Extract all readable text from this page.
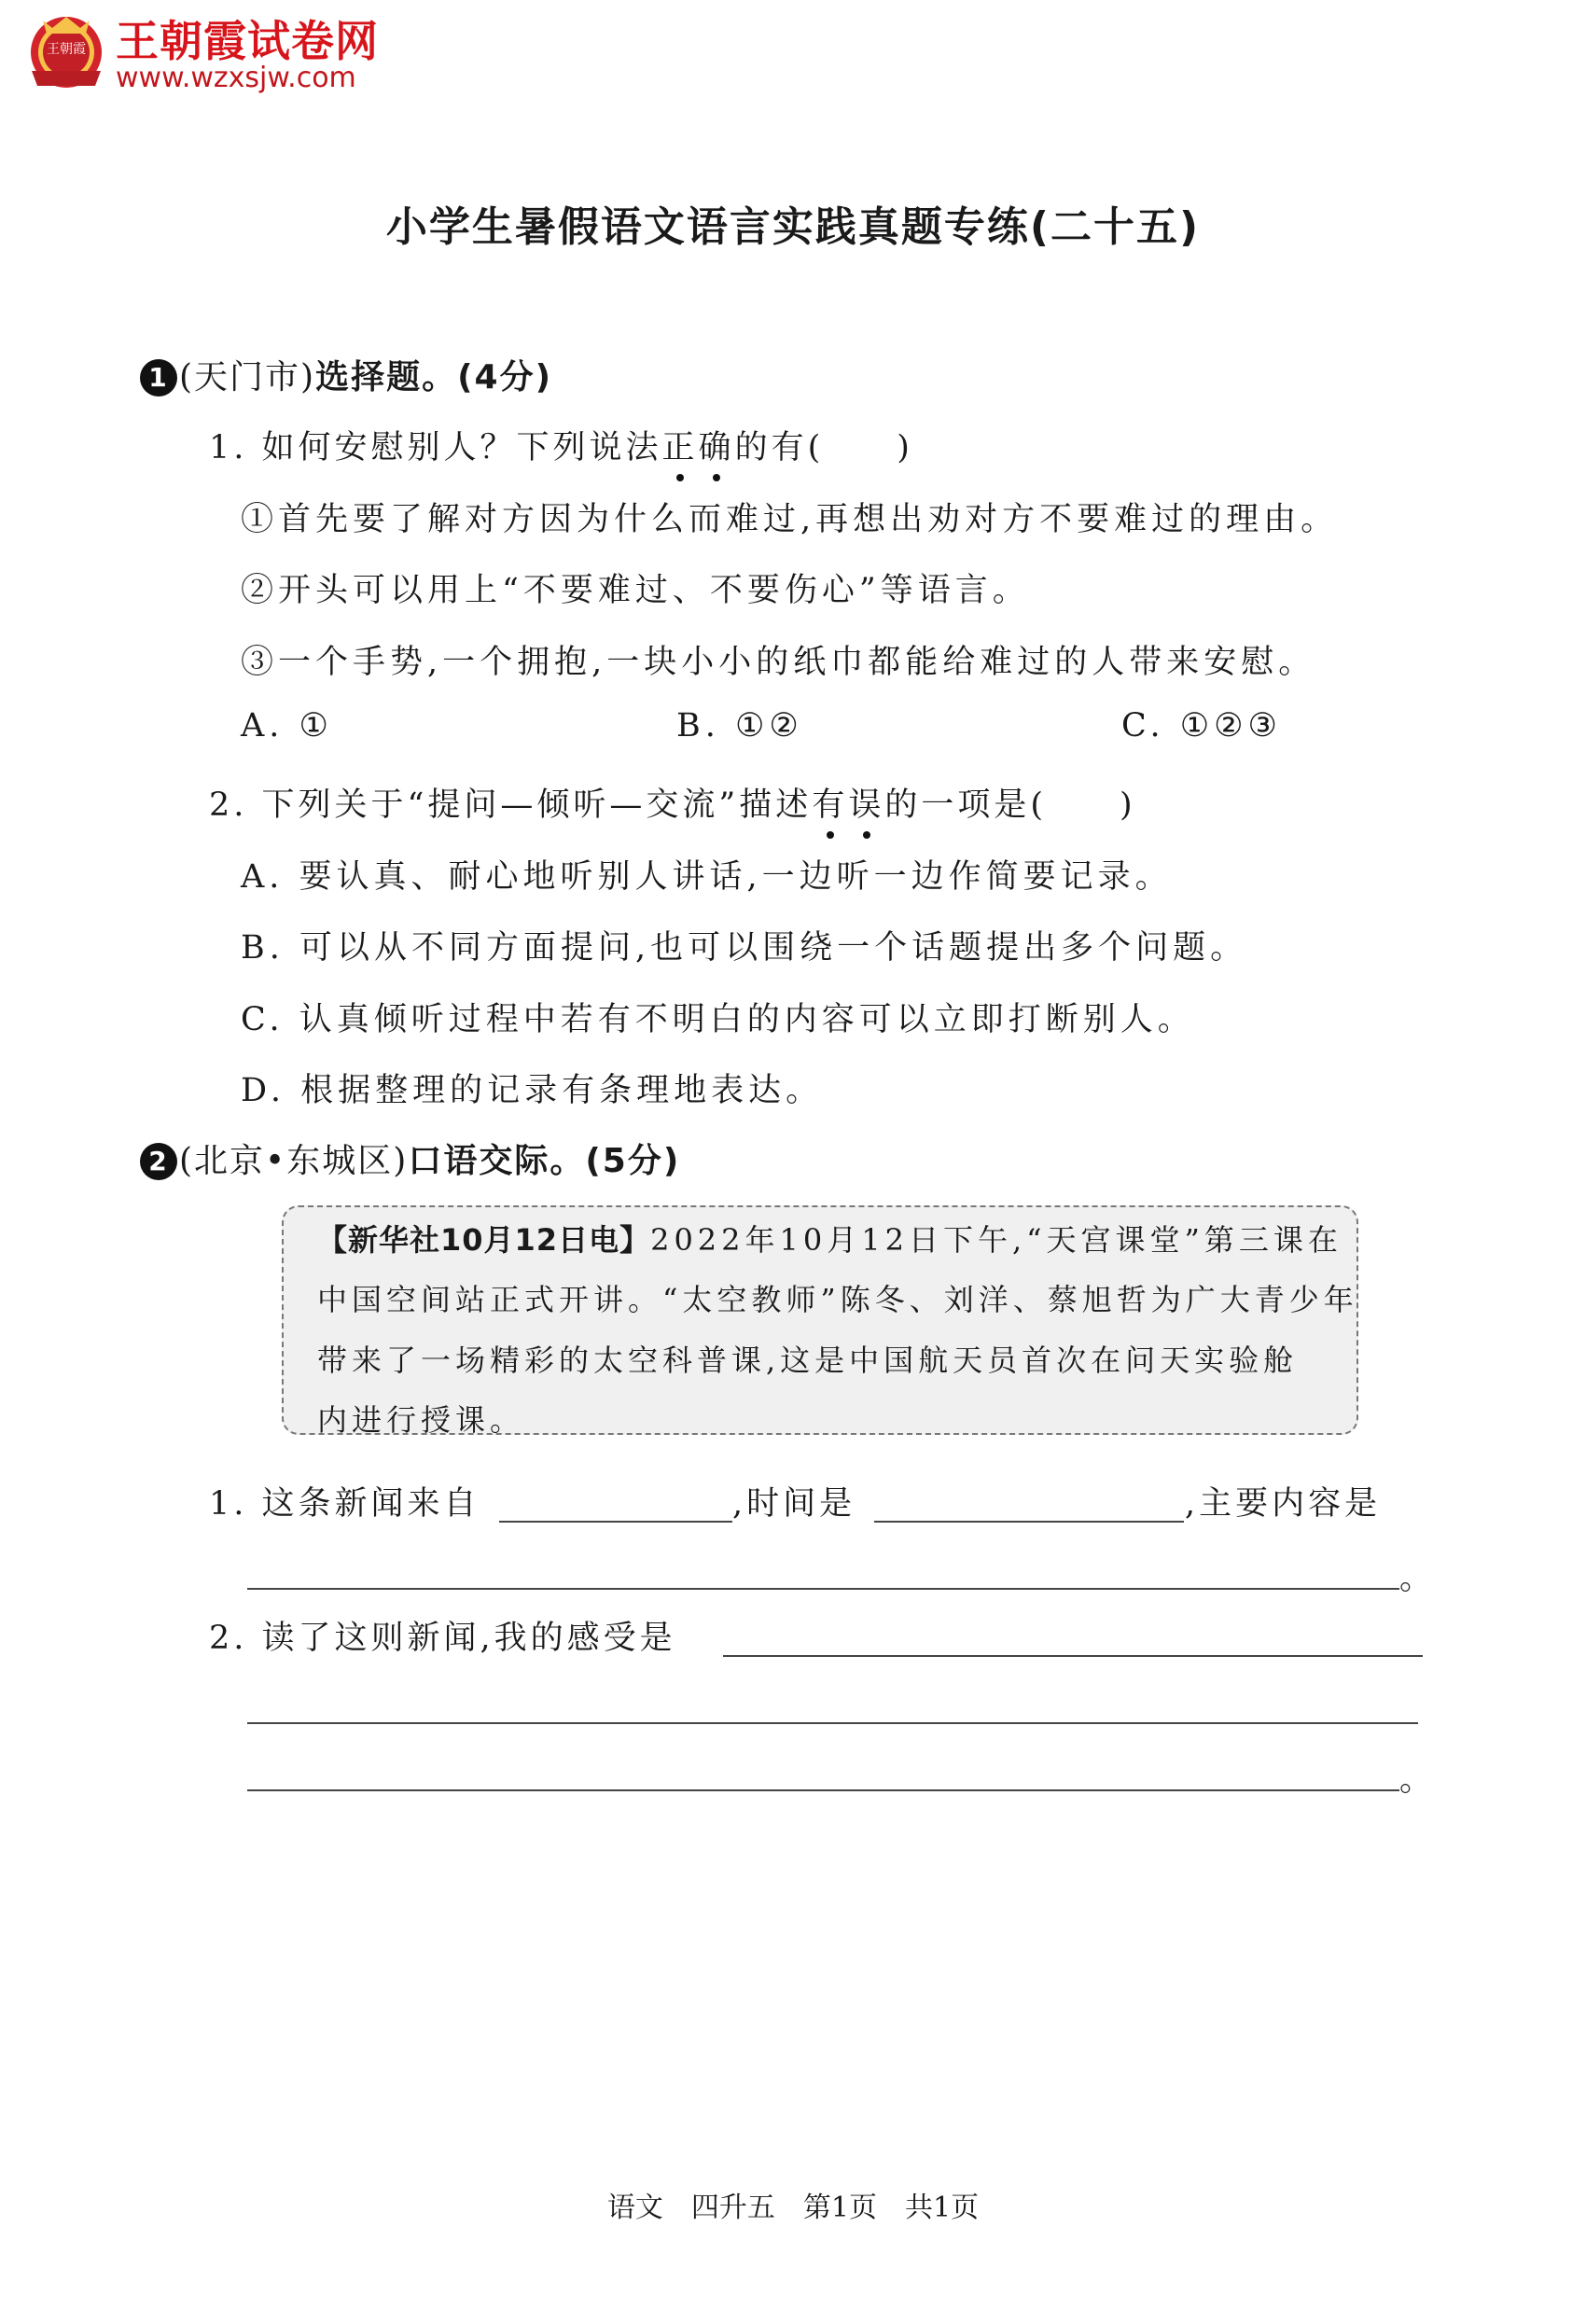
王朝霞 王朝霞试卷网
www.wzxsjw.com
小学生暑假语文语言实践真题专练(二十五)
1 (天门市)选择题。(4分)
1. 如何安慰别人？下列说法正确的有(　　)
①首先要了解对方因为什么而难过,再想出劝对方不要难过的理由。
②开头可以用上“不要难过、不要伤心”等语言。
③一个手势,一个拥抱,一块小小的纸巾都能给难过的人带来安慰。
A. ①	B. ①②	C. ①②③
2. 下列关于“提问—倾听—交流”描述有误的一项是(　　)
A. 要认真、耐心地听别人讲话,一边听一边作简要记录。
B. 可以从不同方面提问,也可以围绕一个话题提出多个问题。
C. 认真倾听过程中若有不明白的内容可以立即打断别人。
D. 根据整理的记录有条理地表达。
2 (北京•东城区)口语交际。(5分)
【新华社10月12日电】2022年10月12日下午,“天宫课堂”第三课在
中国空间站正式开讲。“太空教师”陈冬、刘洋、蔡旭哲为广大青少年
带来了一场精彩的太空科普课,这是中国航天员首次在问天实验舱
内进行授课。
1. 这条新闻来自	,时间是	,主要内容是
。
2. 读了这则新闻,我的感受是
。
语文　四升五　第1页　共1页
